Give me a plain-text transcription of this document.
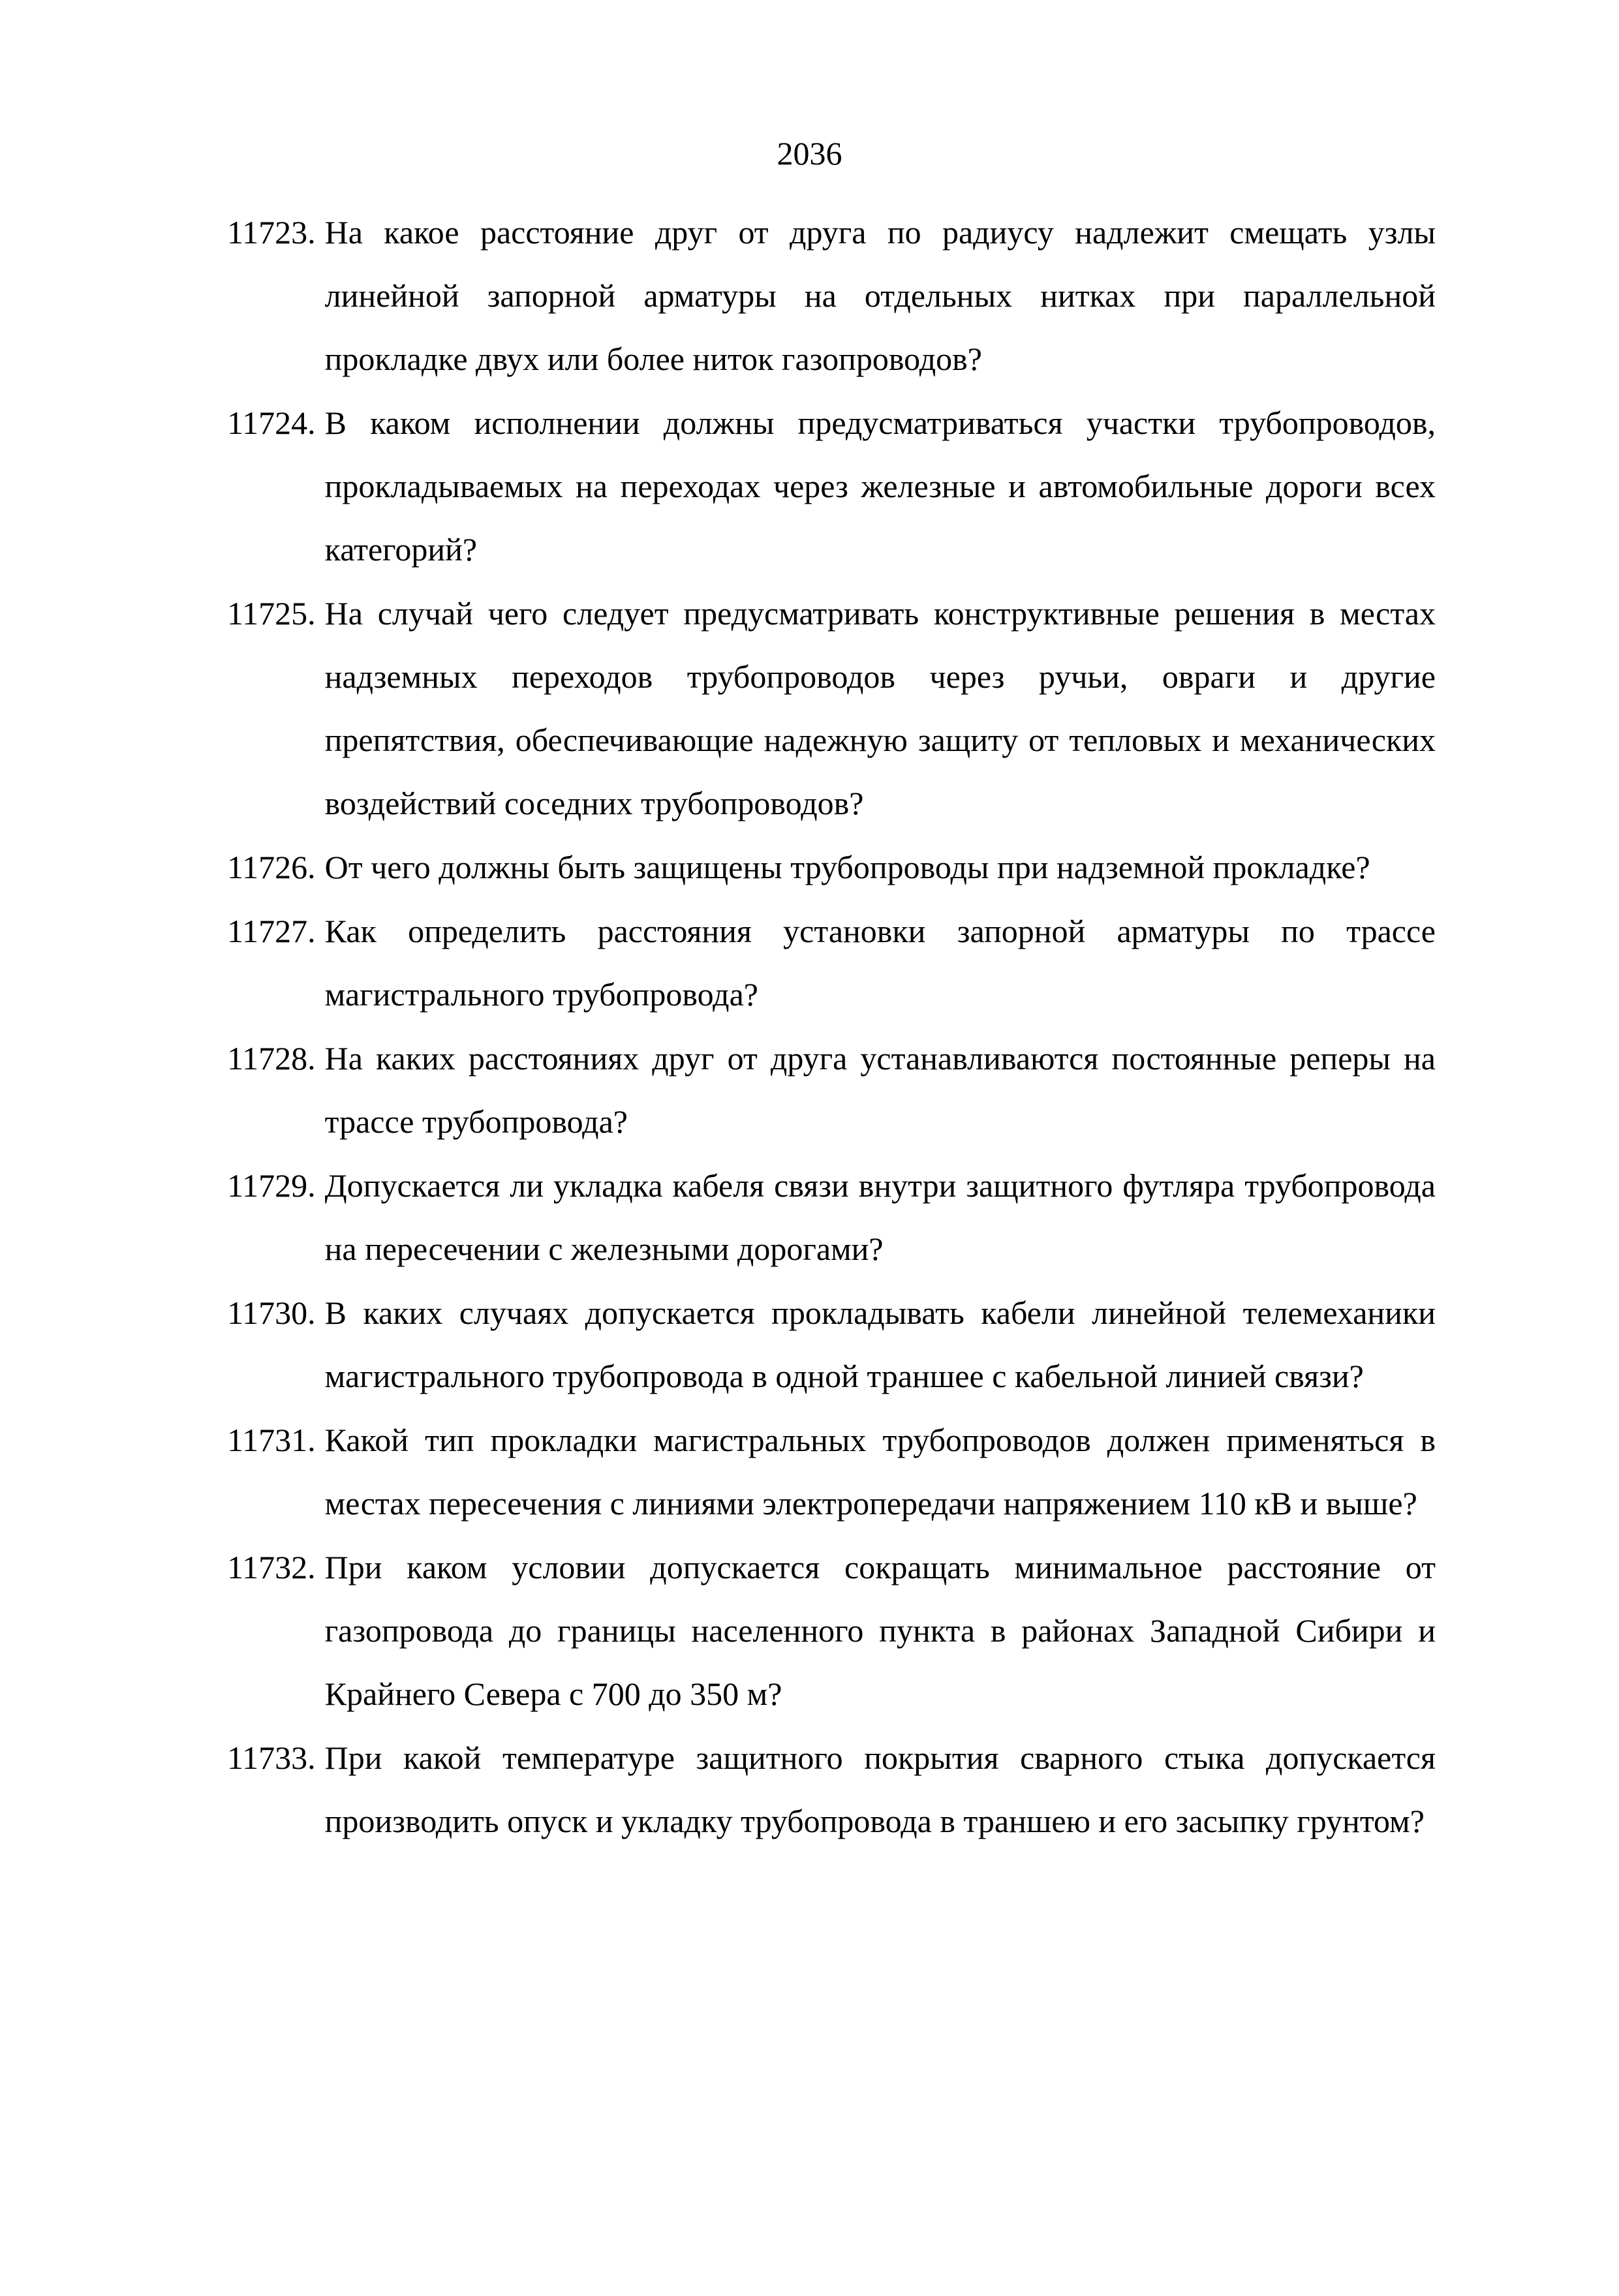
2036
11723. На какое расстояние друг от друга по радиусу надлежит смещать узлы линейной запорной арматуры на отдельных нитках при параллельной прокладке двух или более ниток газопроводов?
11724. В каком исполнении должны предусматриваться участки трубопроводов, прокладываемых на переходах через железные и автомобильные дороги всех категорий?
11725. На случай чего следует предусматривать конструктивные решения в местах надземных переходов трубопроводов через ручьи, овраги и другие препятствия, обеспечивающие надежную защиту от тепловых и механических воздействий соседних трубопроводов?
11726. От чего должны быть защищены трубопроводы при надземной прокладке?
11727. Как определить расстояния установки запорной арматуры по трассе магистрального трубопровода?
11728. На каких расстояниях друг от друга устанавливаются постоянные реперы на трассе трубопровода?
11729. Допускается ли укладка кабеля связи внутри защитного футляра трубопровода на пересечении с железными дорогами?
11730. В каких случаях допускается прокладывать кабели линейной телемеханики магистрального трубопровода в одной траншее с кабельной линией связи?
11731. Какой тип прокладки магистральных трубопроводов должен применяться в местах пересечения с линиями электропередачи напряжением 110 кВ и выше?
11732. При каком условии допускается сокращать минимальное расстояние от газопровода до границы населенного пункта в районах Западной Сибири и Крайнего Севера с 700 до 350 м?
11733. При какой температуре защитного покрытия сварного стыка допускается производить опуск и укладку трубопровода в траншею и его засыпку грунтом?
